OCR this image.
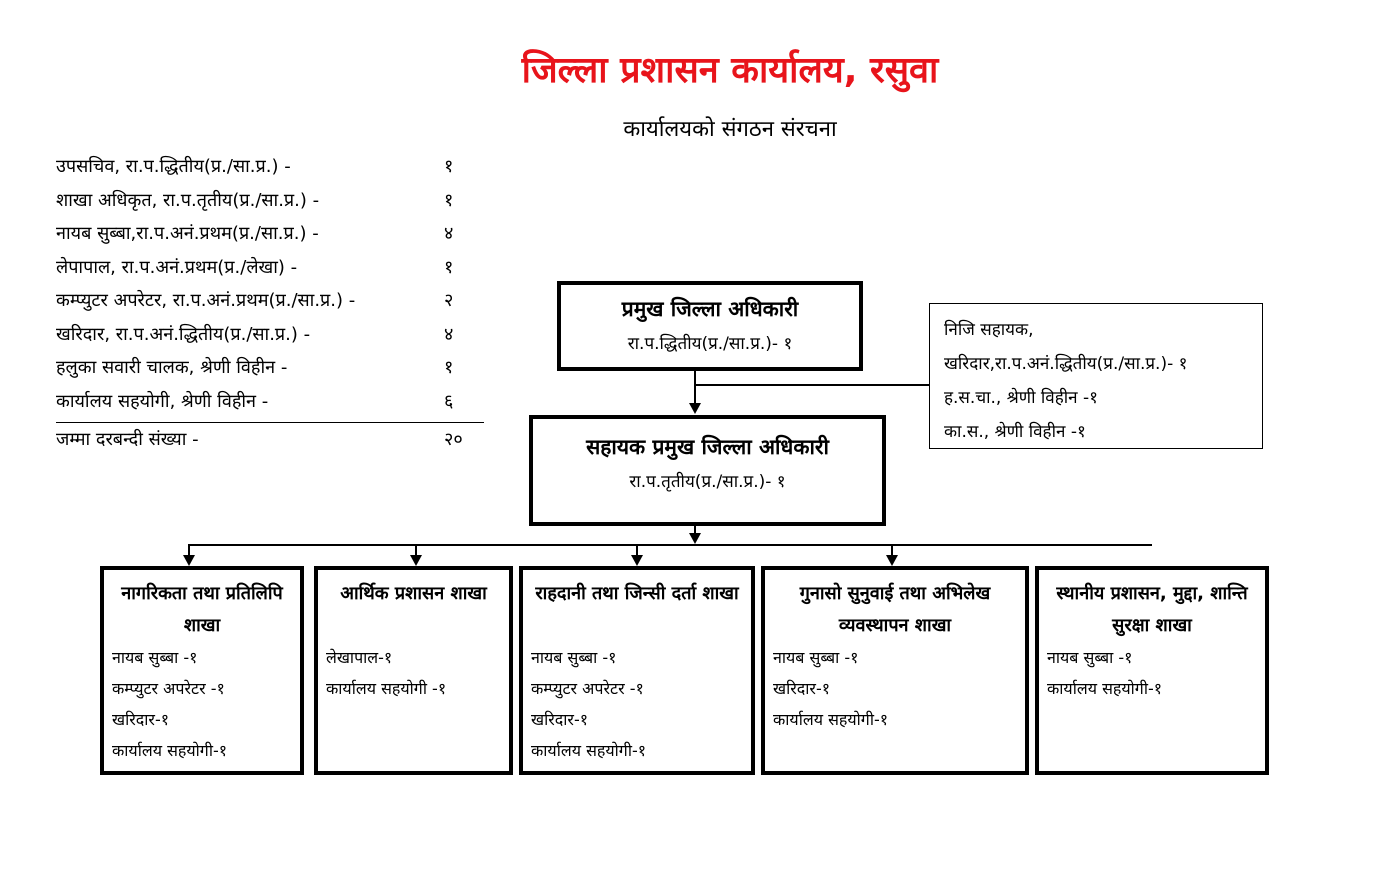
जिल्ला प्रशासन कार्यालय, रसुवा
कार्यालयको संगठन संरचना
उपसचिव, रा.प.द्धितीय(प्र./सा.प्र.) -	१
शाखा अधिकृत, रा.प.तृतीय(प्र./सा.प्र.) -	१
नायब सुब्बा,रा.प.अनं.प्रथम(प्र./सा.प्र.) -	४
लेपापाल, रा.प.अनं.प्रथम(प्र./लेखा) -	१
कम्प्युटर अपरेटर, रा.प.अनं.प्रथम(प्र./सा.प्र.) -	२
खरिदार, रा.प.अनं.द्धितीय(प्र./सा.प्र.) -	४
हलुका सवारी चालक, श्रेणी विहीन -	१
कार्यालय सहयोगी, श्रेणी विहीन -	६
जम्मा दरबन्दी संख्या -	२०
प्रमुख जिल्ला अधिकारी
रा.प.द्धितीय(प्र./सा.प्र.)- १
सहायक प्रमुख जिल्ला अधिकारी
रा.प.तृतीय(प्र./सा.प्र.)- १
निजि सहायक,
खरिदार,रा.प.अनं.द्धितीय(प्र./सा.प्र.)- १
ह.स.चा., श्रेणी विहीन -१
का.स., श्रेणी विहीन -१
नागरिकता तथा प्रतिलिपि शाखा
नायब सुब्बा -१
कम्प्युटर अपरेटर -१
खरिदार-१
कार्यालय सहयोगी-१
आर्थिक प्रशासन शाखा
लेखापाल-१
कार्यालय सहयोगी -१
राहदानी तथा जिन्सी दर्ता शाखा
नायब सुब्बा -१
कम्प्युटर अपरेटर -१
खरिदार-१
कार्यालय सहयोगी-१
गुनासो सुनुवाई तथा अभिलेख व्यवस्थापन शाखा
नायब सुब्बा -१
खरिदार-१
कार्यालय सहयोगी-१
स्थानीय प्रशासन, मुद्दा, शान्ति सुरक्षा शाखा
नायब सुब्बा -१
कार्यालय सहयोगी-१
